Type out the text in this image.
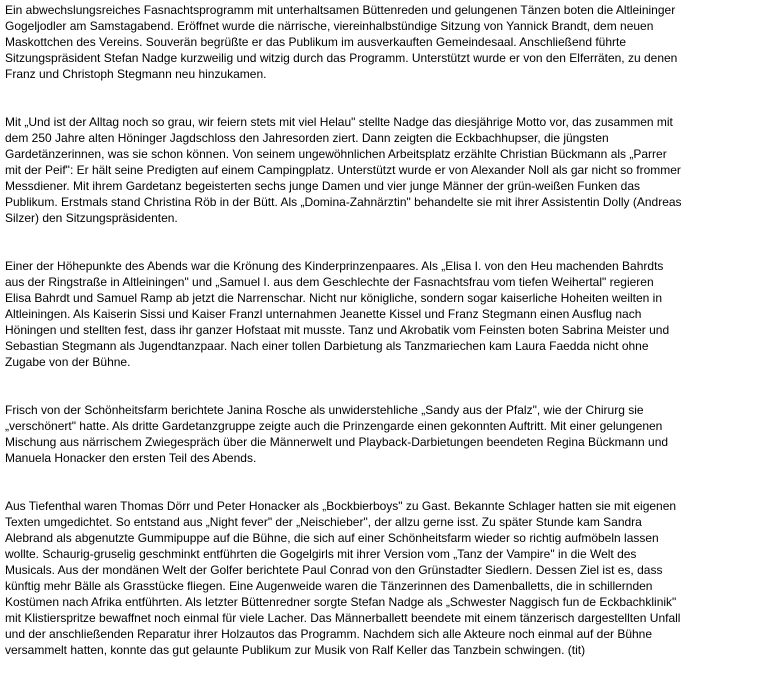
Ein abwechslungsreiches Fasnachtsprogramm mit unterhaltsamen Büttenreden und gelungenen Tänzen boten die Altleininger
Gogeljodler am Samstagabend. Eröffnet wurde die närrische, viereinhalbstündige Sitzung von Yannick Brandt, dem neuen
Maskottchen des Vereins. Souverän begrüßte er das Publikum im ausverkauften Gemeindesaal. Anschließend führte
Sitzungspräsident Stefan Nadge kurzweilig und witzig durch das Programm. Unterstützt wurde er von den Elferräten, zu denen
Franz und Christoph Stegmann neu hinzukamen.

Mit „Und ist der Alltag noch so grau, wir feiern stets mit viel Helau" stellte Nadge das diesjährige Motto vor, das zusammen mit
dem 250 Jahre alten Höninger Jagdschloss den Jahresorden ziert. Dann zeigten die Eckbachhupser, die jüngsten
Gardetänzerinnen, was sie schon können. Von seinem ungewöhnlichen Arbeitsplatz erzählte Christian Bückmann als „Parrer
mit der Peif": Er hält seine Predigten auf einem Campingplatz. Unterstützt wurde er von Alexander Noll als gar nicht so frommer
Messdiener. Mit ihrem Gardetanz begeisterten sechs junge Damen und vier junge Männer der grün-weißen Funken das
Publikum. Erstmals stand Christina Röb in der Bütt. Als „Domina-Zahnärztin" behandelte sie mit ihrer Assistentin Dolly (Andreas
Silzer) den Sitzungspräsidenten.

Einer der Höhepunkte des Abends war die Krönung des Kinderprinzenpaares. Als „Elisa I. von den Heu machenden Bahrdts
aus der Ringstraße in Altleiningen" und „Samuel I. aus dem Geschlechte der Fasnachtsfrau vom tiefen Weihertal" regieren
Elisa Bahrdt und Samuel Ramp ab jetzt die Narrenschar. Nicht nur königliche, sondern sogar kaiserliche Hoheiten weilten in
Altleiningen. Als Kaiserin Sissi und Kaiser Franzl unternahmen Jeanette Kissel und Franz Stegmann einen Ausflug nach
Höningen und stellten fest, dass ihr ganzer Hofstaat mit musste. Tanz und Akrobatik vom Feinsten boten Sabrina Meister und
Sebastian Stegmann als Jugendtanzpaar. Nach einer tollen Darbietung als Tanzmariechen kam Laura Faedda nicht ohne
Zugabe von der Bühne.

Frisch von der Schönheitsfarm berichtete Janina Rosche als unwiderstehliche „Sandy aus der Pfalz", wie der Chirurg sie
„verschönert" hatte. Als dritte Gardetanzgruppe zeigte auch die Prinzengarde einen gekonnten Auftritt. Mit einer gelungenen
Mischung aus närrischem Zwiegespräch über die Männerwelt und Playback-Darbietungen beendeten Regina Bückmann und
Manuela Honacker den ersten Teil des Abends.

Aus Tiefenthal waren Thomas Dörr und Peter Honacker als „Bockbierboys" zu Gast. Bekannte Schlager hatten sie mit eigenen
Texten umgedichtet. So entstand aus „Night fever" der „Neischieber", der allzu gerne isst. Zu später Stunde kam Sandra
Alebrand als abgenutzte Gummipuppe auf die Bühne, die sich auf einer Schönheitsfarm wieder so richtig aufmöbeln lassen
wollte. Schaurig-gruselig geschminkt entführten die Gogelgirls mit ihrer Version vom „Tanz der Vampire" in die Welt des
Musicals. Aus der mondänen Welt der Golfer berichtete Paul Conrad von den Grünstadter Siedlern. Dessen Ziel ist es, dass
künftig mehr Bälle als Grasstücke fliegen. Eine Augenweide waren die Tänzerinnen des Damenballetts, die in schillernden
Kostümen nach Afrika entführten. Als letzter Büttenredner sorgte Stefan Nadge als „Schwester Naggisch fun de Eckbachklinik"
mit Klistierspritze bewaffnet noch einmal für viele Lacher. Das Männerballett beendete mit einem tänzerisch dargestellten Unfall
und der anschließenden Reparatur ihrer Holzautos das Programm. Nachdem sich alle Akteure noch einmal auf der Bühne
versammelt hatten, konnte das gut gelaunte Publikum zur Musik von Ralf Keller das Tanzbein schwingen. (tit)
